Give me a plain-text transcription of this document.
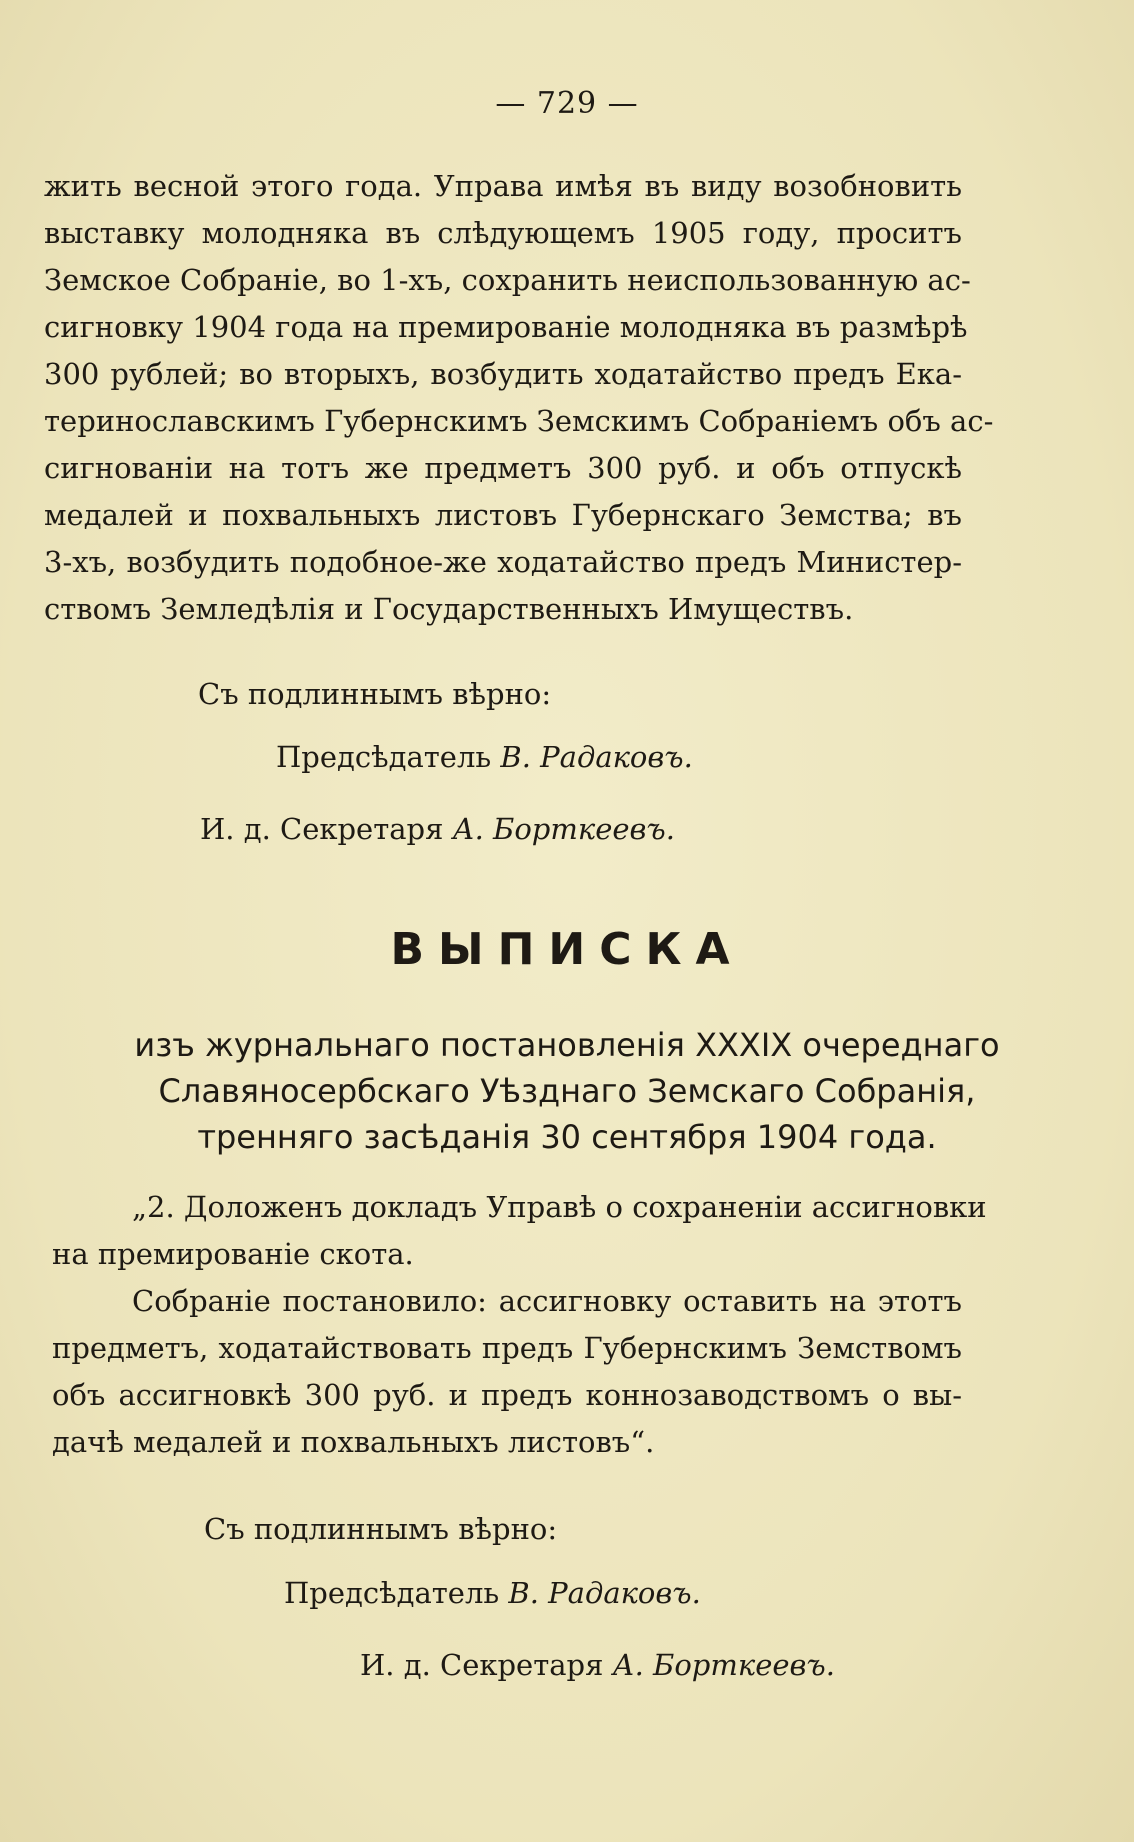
— 729 —
жить весной этого года. Управа имѣя въ виду возобновить
выставку молодняка въ слѣдующемъ 1905 году, проситъ
Земское Собраніе, во 1-хъ, сохранить неиспользованную ас-
сигновку 1904 года на премированіе молодняка въ размѣрѣ
300 рублей; во вторыхъ, возбудить ходатайство предъ Ека-
теринославскимъ Губернскимъ Земскимъ Собраніемъ объ ас-
сигнованіи на тотъ же предметъ 300 руб. и объ отпускѣ
медалей и похвальныхъ листовъ Губернскаго Земства; въ
3-хъ, возбудить подобное-же ходатайство предъ Министер-
ствомъ Земледѣлія и Государственныхъ Имуществъ.
Съ подлиннымъ вѣрно:
Предсѣдатель В. Радаковъ.
И. д. Секретаря А. Борткеевъ.
ВЫПИСКА
изъ журнальнаго постановленія XXXIX очереднаго
Славяносербскаго Уѣзднаго Земскаго Собранія,
тренняго засѣданія 30 сентября 1904 года.
„2. Доложенъ докладъ Управѣ о сохраненіи ассигновки
на премированіе скота.
Собраніе постановило: ассигновку оставить на этотъ
предметъ, ходатайствовать предъ Губернскимъ Земствомъ
объ ассигновкѣ 300 руб. и предъ коннозаводствомъ о вы-
дачѣ медалей и похвальныхъ листовъ“.
Съ подлиннымъ вѣрно:
Предсѣдатель В. Радаковъ.
И. д. Секретаря А. Борткеевъ.
